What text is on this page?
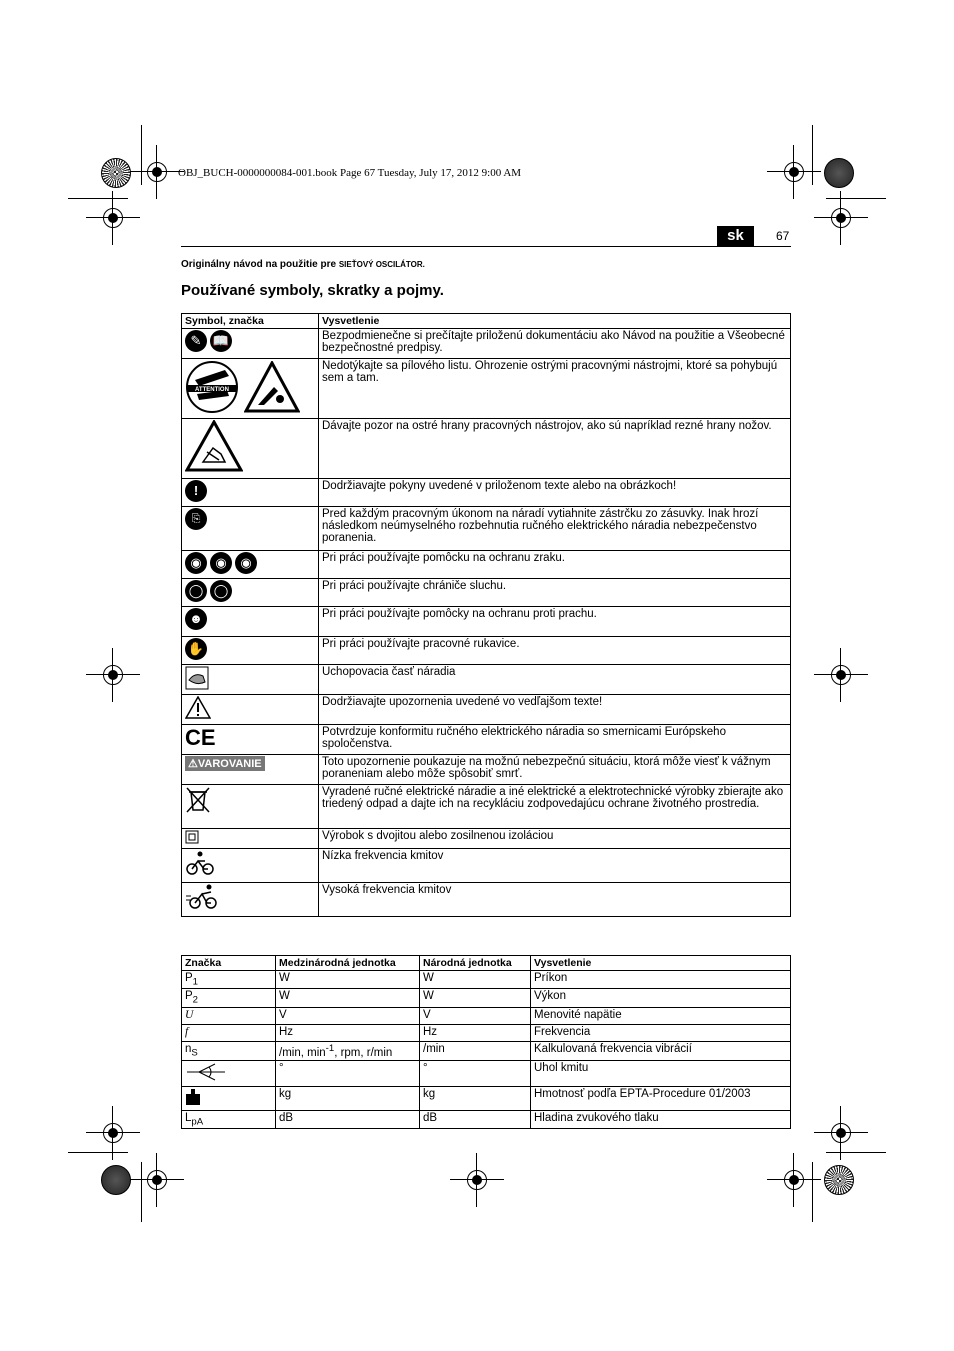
OBJ_BUCH-0000000084-001.book Page 67 Tuesday, July 17, 2012 9:00 AM
sk	67
Originálny návod na použitie pre SIEŤOVÝ OSCILÁTOR.
Používané symboly, skratky a pojmy.
Symbol, značka	Vysvetlenie
✎ 📖	Bezpodmienečne si prečítajte priloženú dokumentáciu ako Návod na použitie a Všeobecné bezpečnostné predpisy.

ATTENTION	Nedotýkajte sa pílového listu. Ohrozenie ostrými pracovnými nástrojmi, ktoré sa pohybujú sem a tam.
	Dávajte pozor na ostré hrany pracovných nástrojov, ako sú napríklad rezné hrany nožov.
!	Dodržiavajte pokyny uvedené v priloženom texte alebo na obrázkoch!
⎘	Pred každým pracovným úkonom na náradí vytiahnite zástrčku zo zásuvky. Inak hrozí následkom neúmyselného rozbehnutia ručného elektrického náradia nebezpečenstvo poranenia.
◉ ◉ ◉	Pri práci používajte pomôcku na ochranu zraku.
◯ ◯	Pri práci používajte chrániče sluchu.
☻	Pri práci používajte pomôcky na ochranu proti prachu.
✋	Pri práci používajte pracovné rukavice.
	Uchopovacia časť náradia
	Dodržiavajte upozornenia uvedené vo vedľajšom texte!
CE	Potvrdzuje konformitu ručného elektrického náradia so smernicami Európskeho spoločenstva.
⚠VAROVANIE	Toto upozornenie poukazuje na možnú nebezpečnú situáciu, ktorá môže viesť k vážnym poraneniam alebo môže spôsobiť smrť.
	Vyradené ručné elektrické náradie a iné elektrické a elektrotechnické výrobky zbierajte ako triedený odpad a dajte ich na recykláciu zodpovedajúcu ochrane životného prostredia.
	Výrobok s dvojitou alebo zosilnenou izoláciou
	Nízka frekvencia kmitov
	Vysoká frekvencia kmitov
Značka	Medzinárodná jednotka	Národná jednotka	Vysvetlenie
$P_1$	W	W	Príkon
$P_2$	W	W	Výkon
U	V	V	Menovité napätie
f	Hz	Hz	Frekvencia
$n_S$	/min, $\min^{-1}$, rpm, r/min	/min	Kalkulovaná frekvencia vibrácií
	°	°	Uhol kmitu
	kg	kg	Hmotnosť podľa EPTA-Procedure 01/2003
$L_{pA}$	dB	dB	Hladina zvukového tlaku
